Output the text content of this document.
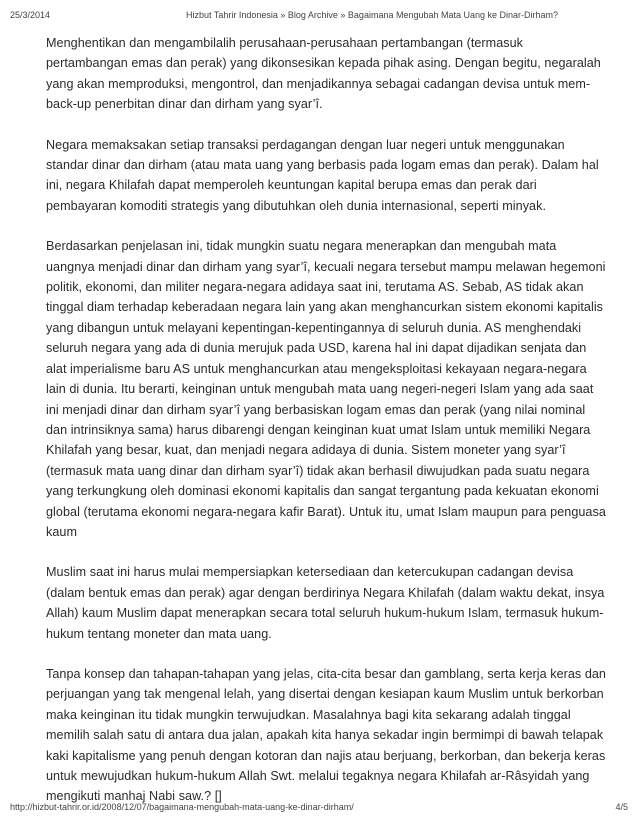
25/3/2014	Hizbut Tahrir Indonesia » Blog Archive » Bagaimana Mengubah Mata Uang ke Dinar-Dirham?

Menghentikan dan mengambilalih perusahaan-perusahaan pertambangan (termasuk pertambangan emas dan perak) yang dikonsesikan kepada pihak asing. Dengan begitu, negaralah yang akan memproduksi, mengontrol, dan menjadikannya sebagai cadangan devisa untuk mem-back-up penerbitan dinar dan dirham yang syar’î.

Negara memaksakan setiap transaksi perdagangan dengan luar negeri untuk menggunakan standar dinar dan dirham (atau mata uang yang berbasis pada logam emas dan perak). Dalam hal ini, negara Khilafah dapat memperoleh keuntungan kapital berupa emas dan perak dari pembayaran komoditi strategis yang dibutuhkan oleh dunia internasional, seperti minyak.

Berdasarkan penjelasan ini, tidak mungkin suatu negara menerapkan dan mengubah mata uangnya menjadi dinar dan dirham yang syar’î, kecuali negara tersebut mampu melawan hegemoni politik, ekonomi, dan militer negara-negara adidaya saat ini, terutama AS. Sebab, AS tidak akan tinggal diam terhadap keberadaan negara lain yang akan menghancurkan sistem ekonomi kapitalis yang dibangun untuk melayani kepentingan-kepentingannya di seluruh dunia. AS menghendaki seluruh negara yang ada di dunia merujuk pada USD, karena hal ini dapat dijadikan senjata dan alat imperialisme baru AS untuk menghancurkan atau mengeksploitasi kekayaan negara-negara lain di dunia. Itu berarti, keinginan untuk mengubah mata uang negeri-negeri Islam yang ada saat ini menjadi dinar dan dirham syar’î yang berbasiskan logam emas dan perak (yang nilai nominal dan intrinsiknya sama) harus dibarengi dengan keinginan kuat umat Islam untuk memiliki Negara Khilafah yang besar, kuat, dan menjadi negara adidaya di dunia. Sistem moneter yang syar’î (termasuk mata uang dinar dan dirham syar’î) tidak akan berhasil diwujudkan pada suatu negara yang terkungkung oleh dominasi ekonomi kapitalis dan sangat tergantung pada kekuatan ekonomi global (terutama ekonomi negara-negara kafir Barat). Untuk itu, umat Islam maupun para penguasa kaum

Muslim saat ini harus mulai mempersiapkan ketersediaan dan ketercukupan cadangan devisa (dalam bentuk emas dan perak) agar dengan berdirinya Negara Khilafah (dalam waktu dekat, insya Allah) kaum Muslim dapat menerapkan secara total seluruh hukum-hukum Islam, termasuk hukum-hukum tentang moneter dan mata uang.

Tanpa konsep dan tahapan-tahapan yang jelas, cita-cita besar dan gamblang, serta kerja keras dan perjuangan yang tak mengenal lelah, yang disertai dengan kesiapan kaum Muslim untuk berkorban maka keinginan itu tidak mungkin terwujudkan. Masalahnya bagi kita sekarang adalah tinggal memilih salah satu di antara dua jalan, apakah kita hanya sekadar ingin bermimpi di bawah telapak kaki kapitalisme yang penuh dengan kotoran dan najis atau berjuang, berkorban, dan bekerja keras untuk mewujudkan hukum-hukum Allah Swt. melalui tegaknya negara Khilafah ar-Râsyidah yang mengikuti manhaj Nabi saw.? []

http://hizbut-tahrir.or.id/2008/12/07/bagaimana-mengubah-mata-uang-ke-dinar-dirham/	4/5
